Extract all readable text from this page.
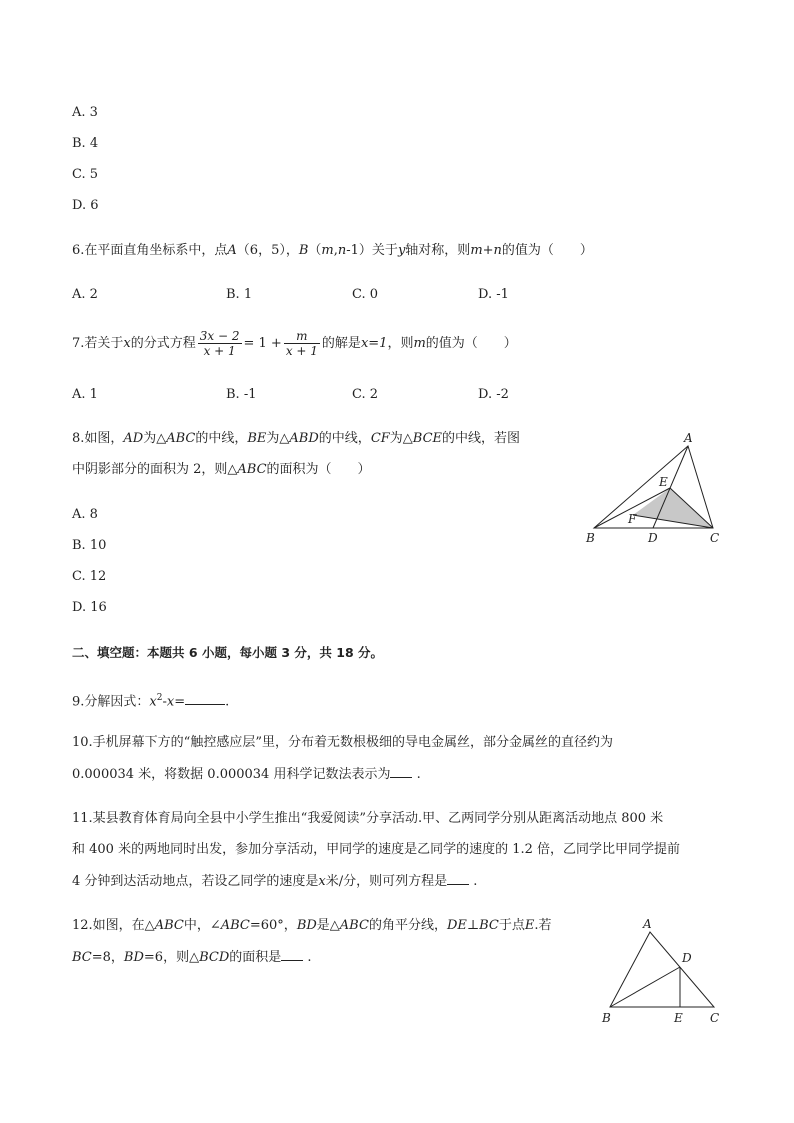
A. 3
B. 4
C. 5
D. 6
6.在平面直角坐标系中，点A（6，5），B（m,n-1）关于y轴对称，则m+n的值为（　　）
A. 2	B. 1	C. 0	D. -1
7.若关于x的分式方程 $\frac{3x - 2}{x + 1} = 1 + \frac{m}{x + 1}$ 的解是x=1，则m的值为（　　）
A. 1	B. -1	C. 2	D. -2
8.如图，AD为△ABC的中线，BE为△ABD的中线，CF为△BCE的中线，若图
中阴影部分的面积为 2，则△ABC的面积为（　　）
A. 8
B. 10
C. 12
D. 16
A
E
F
B	D	C
二、填空题：本题共 6 小题，每小题 3 分，共 18 分。
9.分解因式：$x^2-x=$	.
10.手机屏幕下方的“触控感应层”里，分布着无数根极细的导电金属丝，部分金属丝的直径约为
0.000034 米，将数据 0.000034 用科学记数法表示为 .
11.某县教育体育局向全县中小学生推出“我爱阅读”分享活动.甲、乙两同学分别从距离活动地点 800 米
和 400 米的两地同时出发，参加分享活动，甲同学的速度是乙同学的速度的 1.2 倍，乙同学比甲同学提前
4 分钟到达活动地点，若设乙同学的速度是x米/分，则可列方程是 .
12.如图，在△ABC中，∠ABC=60°，BD是△ABC的角平分线，DE⊥BC于点E.若
BC=8，BD=6，则△BCD的面积是 .
A
D
B	E C
